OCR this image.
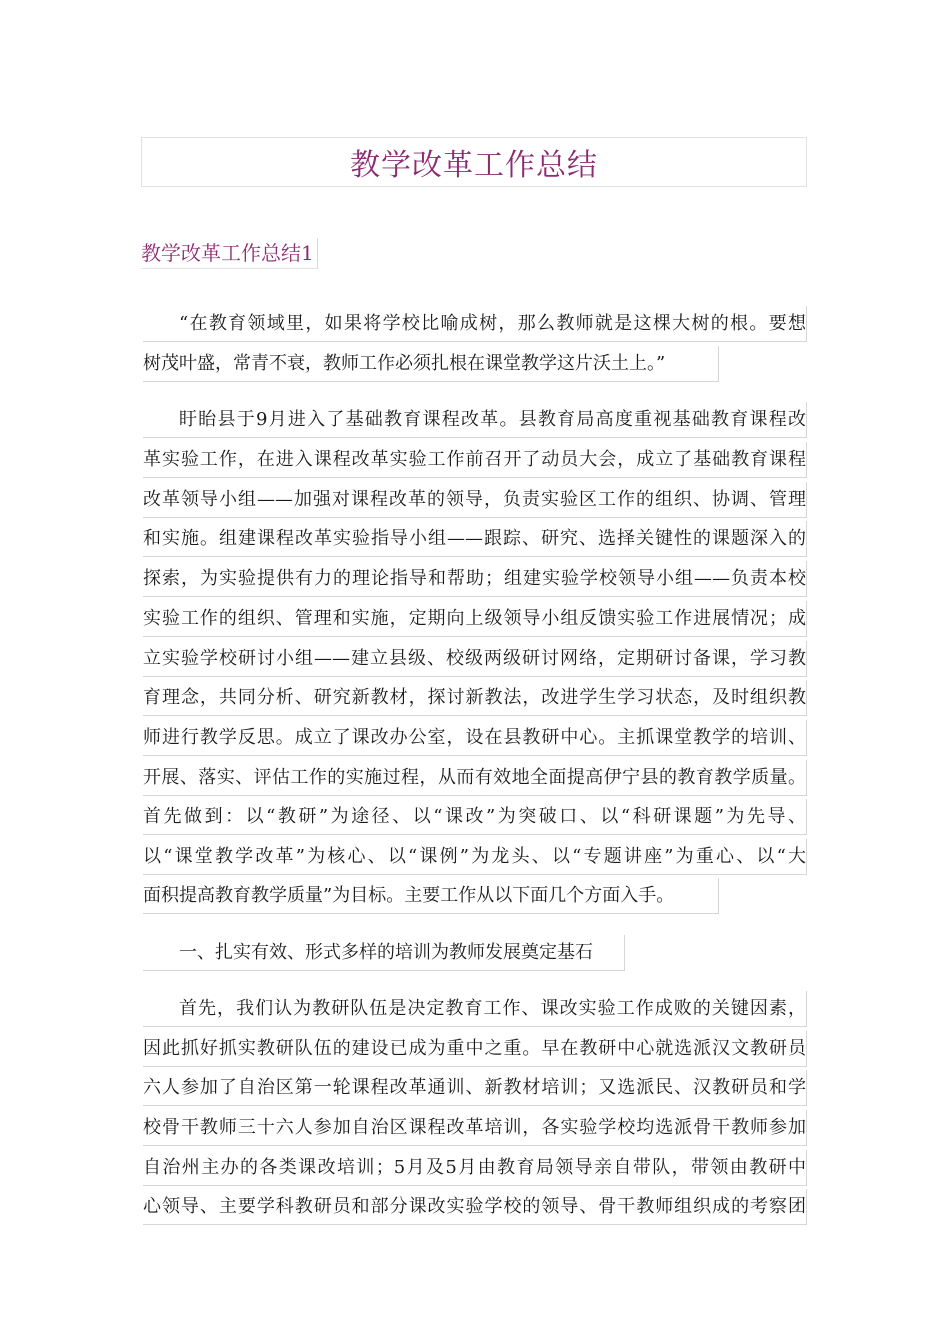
教学改革工作总结
教学改革工作总结1
“在教育领域里，如果将学校比喻成树，那么教师就是这棵大树的根。要想
树茂叶盛，常青不衰，教师工作必须扎根在课堂教学这片沃土上。”
盱眙县于9月进入了基础教育课程改革。县教育局高度重视基础教育课程改
革实验工作，在进入课程改革实验工作前召开了动员大会，成立了基础教育课程
改革领导小组——加强对课程改革的领导，负责实验区工作的组织、协调、管理
和实施。组建课程改革实验指导小组——跟踪、研究、选择关键性的课题深入的
探索，为实验提供有力的理论指导和帮助；组建实验学校领导小组——负责本校
实验工作的组织、管理和实施，定期向上级领导小组反馈实验工作进展情况；成
立实验学校研讨小组——建立县级、校级两级研讨网络，定期研讨备课，学习教
育理念，共同分析、研究新教材，探讨新教法，改进学生学习状态，及时组织教
师进行教学反思。成立了课改办公室，设在县教研中心。主抓课堂教学的培训、
开展、落实、评估工作的实施过程，从而有效地全面提高伊宁县的教育教学质量。
首先做到：以“教研”为途径、以“课改”为突破口、以“科研课题”为先导、
以“课堂教学改革”为核心、以“课例”为龙头、以“专题讲座”为重心、以“大
面积提高教育教学质量”为目标。主要工作从以下面几个方面入手。
一、扎实有效、形式多样的培训为教师发展奠定基石
首先，我们认为教研队伍是决定教育工作、课改实验工作成败的关键因素，
因此抓好抓实教研队伍的建设已成为重中之重。早在教研中心就选派汉文教研员
六人参加了自治区第一轮课程改革通训、新教材培训；又选派民、汉教研员和学
校骨干教师三十六人参加自治区课程改革培训，各实验学校均选派骨干教师参加
自治州主办的各类课改培训；5月及5月由教育局领导亲自带队，带领由教研中
心领导、主要学科教研员和部分课改实验学校的领导、骨干教师组织成的考察团
